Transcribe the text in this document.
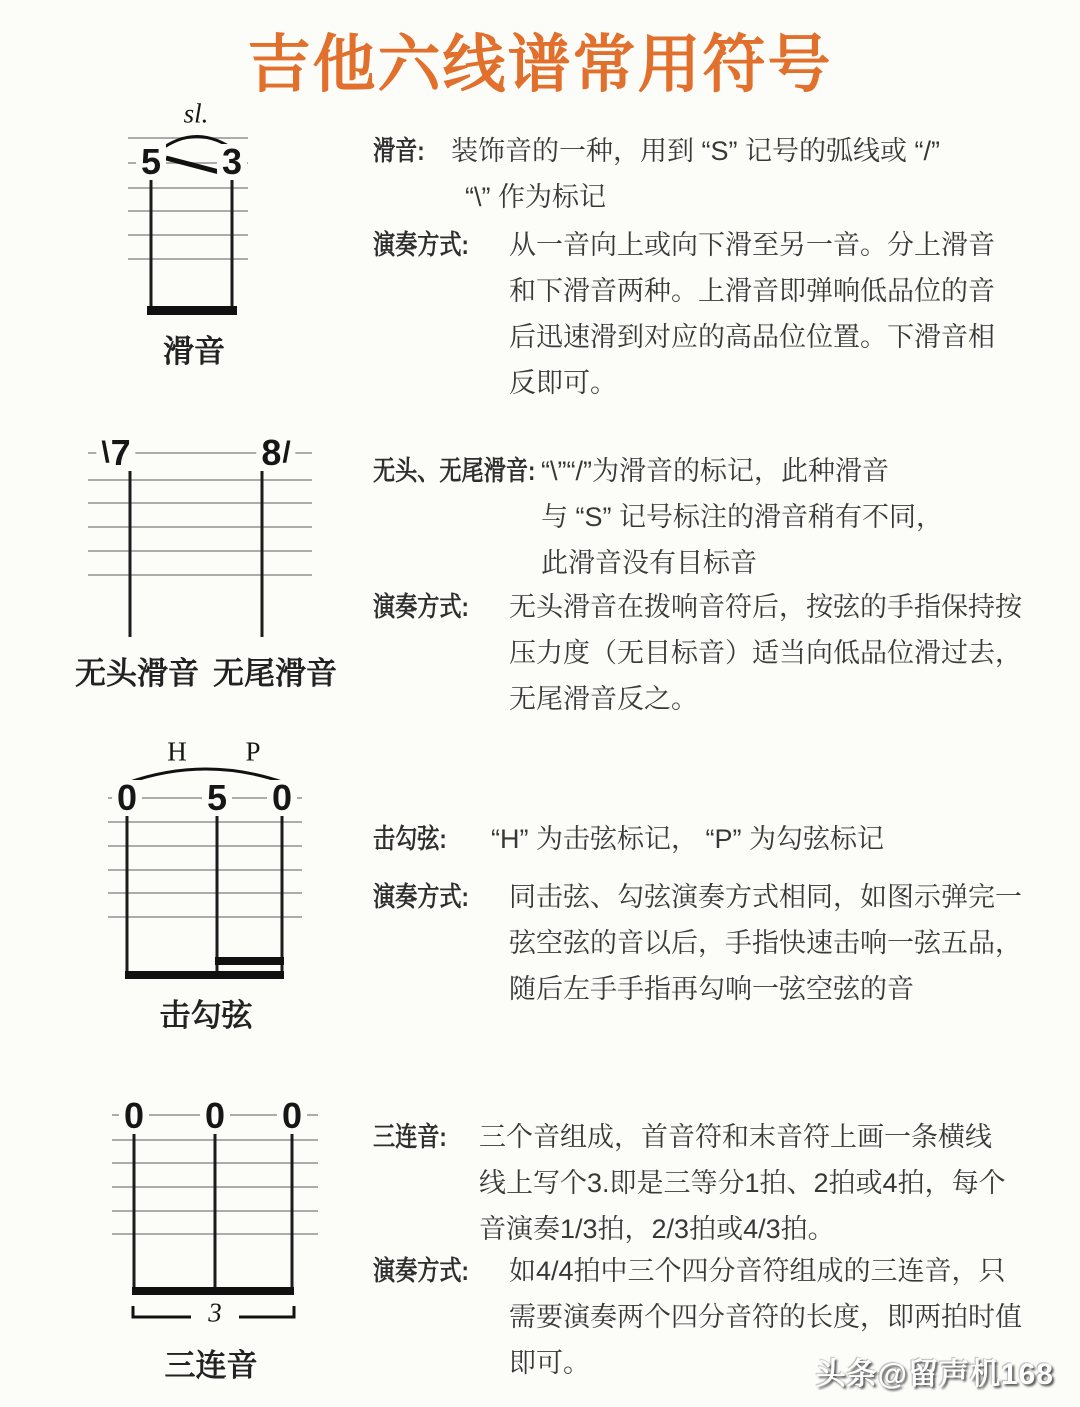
吉他六线谱常用符号
sl.
5 3
滑音
\ 7	8 /
无头滑音 无尾滑音
H P
0 5 0
击勾弦
0 0 0
3
三连音
滑音: 装饰音的一种，用到 “S” 记号的弧线或 “/”
“\” 作为标记
演奏方式: 从一音向上或向下滑至另一音。分上滑音
和下滑音两种。上滑音即弹响低品位的音
后迅速滑到对应的高品位位置。下滑音相
反即可。
无头、无尾滑音: “\”“/”为滑音的标记，此种滑音
与 “S” 记号标注的滑音稍有不同，
此滑音没有目标音
演奏方式: 无头滑音在拨响音符后，按弦的手指保持按
压力度（无目标音）适当向低品位滑过去，
无尾滑音反之。
击勾弦: “H” 为击弦标记， “P” 为勾弦标记
演奏方式: 同击弦、勾弦演奏方式相同，如图示弹完一
弦空弦的音以后，手指快速击响一弦五品，
随后左手手指再勾响一弦空弦的音
三连音: 三个音组成，首音符和末音符上画一条横线
线上写个3.即是三等分1拍、2拍或4拍，每个
音演奏1/3拍，2/3拍或4/3拍。
演奏方式: 如4/4拍中三个四分音符组成的三连音，只
需要演奏两个四分音符的长度，即两拍时值
即可。	头条@留声机168
